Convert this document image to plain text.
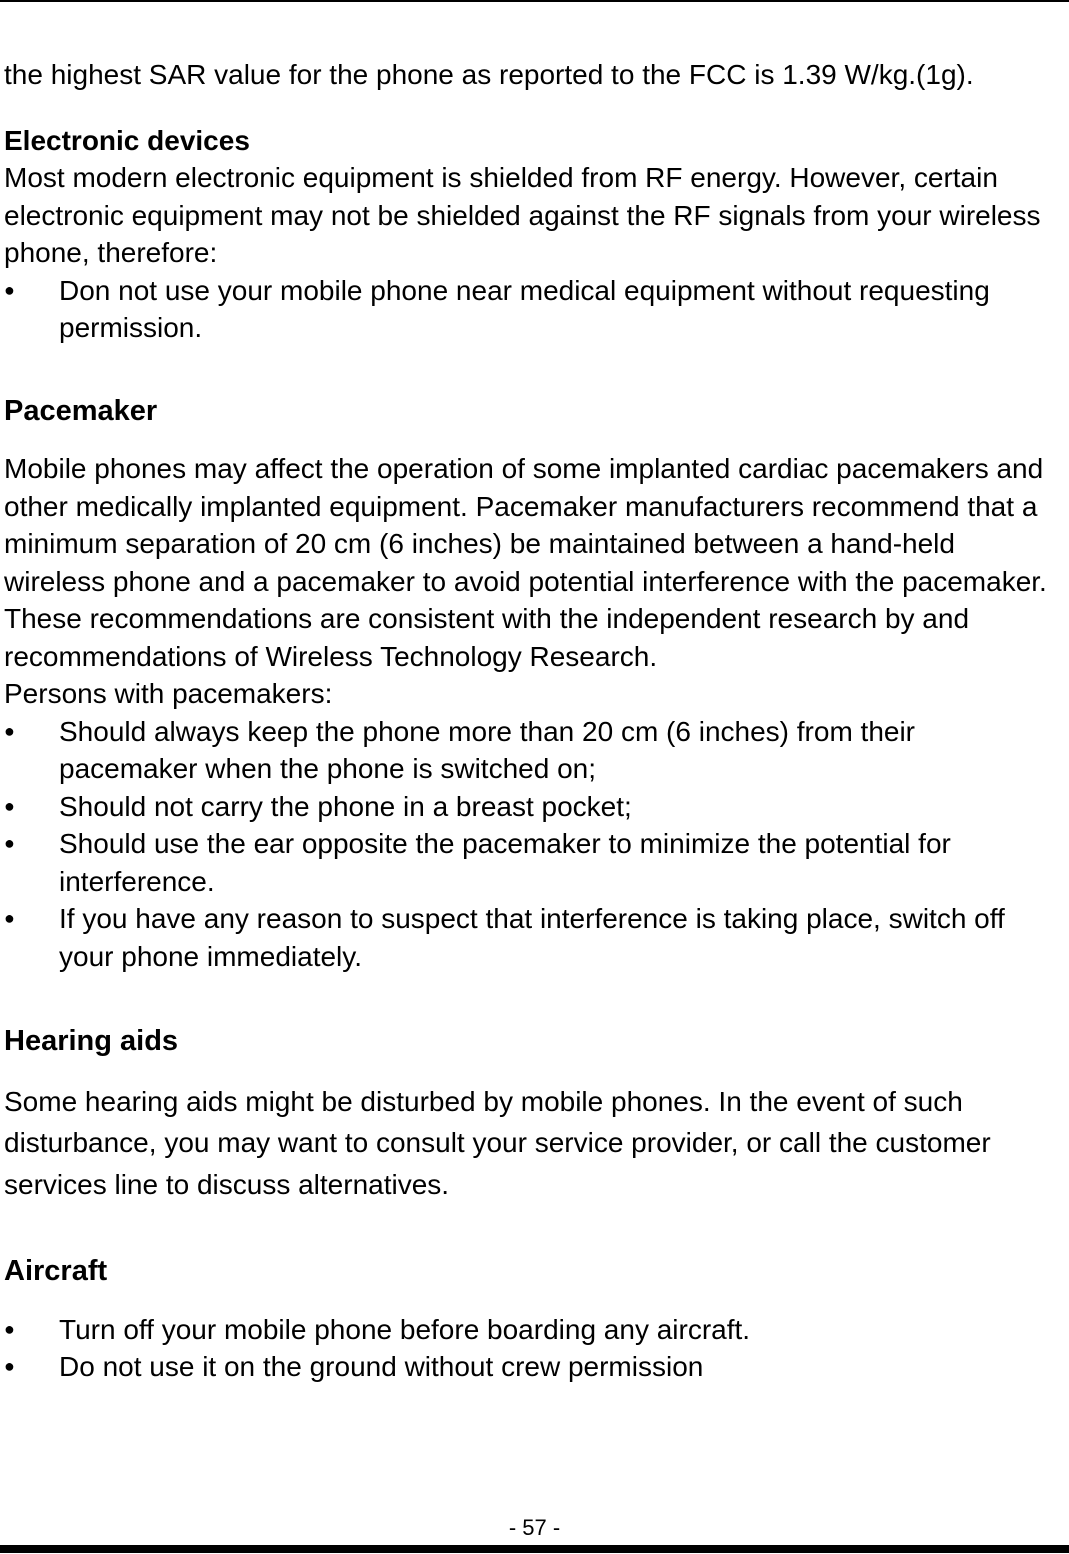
the highest SAR value for the phone as reported to the FCC is 1.39 W/kg.(1g).

Electronic devices

Most modern electronic equipment is shielded from RF energy. However, certain electronic equipment may not be shielded against the RF signals from your wireless phone, therefore:

●	Don not use your mobile phone near medical equipment without requesting permission.
Pacemaker

Mobile phones may affect the operation of some implanted cardiac pacemakers and other medically implanted equipment. Pacemaker manufacturers recommend that a minimum separation of 20 cm (6 inches) be maintained between a hand-held wireless phone and a pacemaker to avoid potential interference with the pacemaker. These recommendations are consistent with the independent research by and recommendations of Wireless Technology Research.

Persons with pacemakers:

●	Should always keep the phone more than 20 cm (6 inches) from their pacemaker when the phone is switched on;
●	Should not carry the phone in a breast pocket;
●	Should use the ear opposite the pacemaker to minimize the potential for interference.
●	If you have any reason to suspect that interference is taking place, switch off your phone immediately.
Hearing aids

Some hearing aids might be disturbed by mobile phones. In the event of such disturbance, you may want to consult your service provider, or call the customer services line to discuss alternatives.

Aircraft
●	Turn off your mobile phone before boarding any aircraft.
●	Do not use it on the ground without crew permission
- 57 -
